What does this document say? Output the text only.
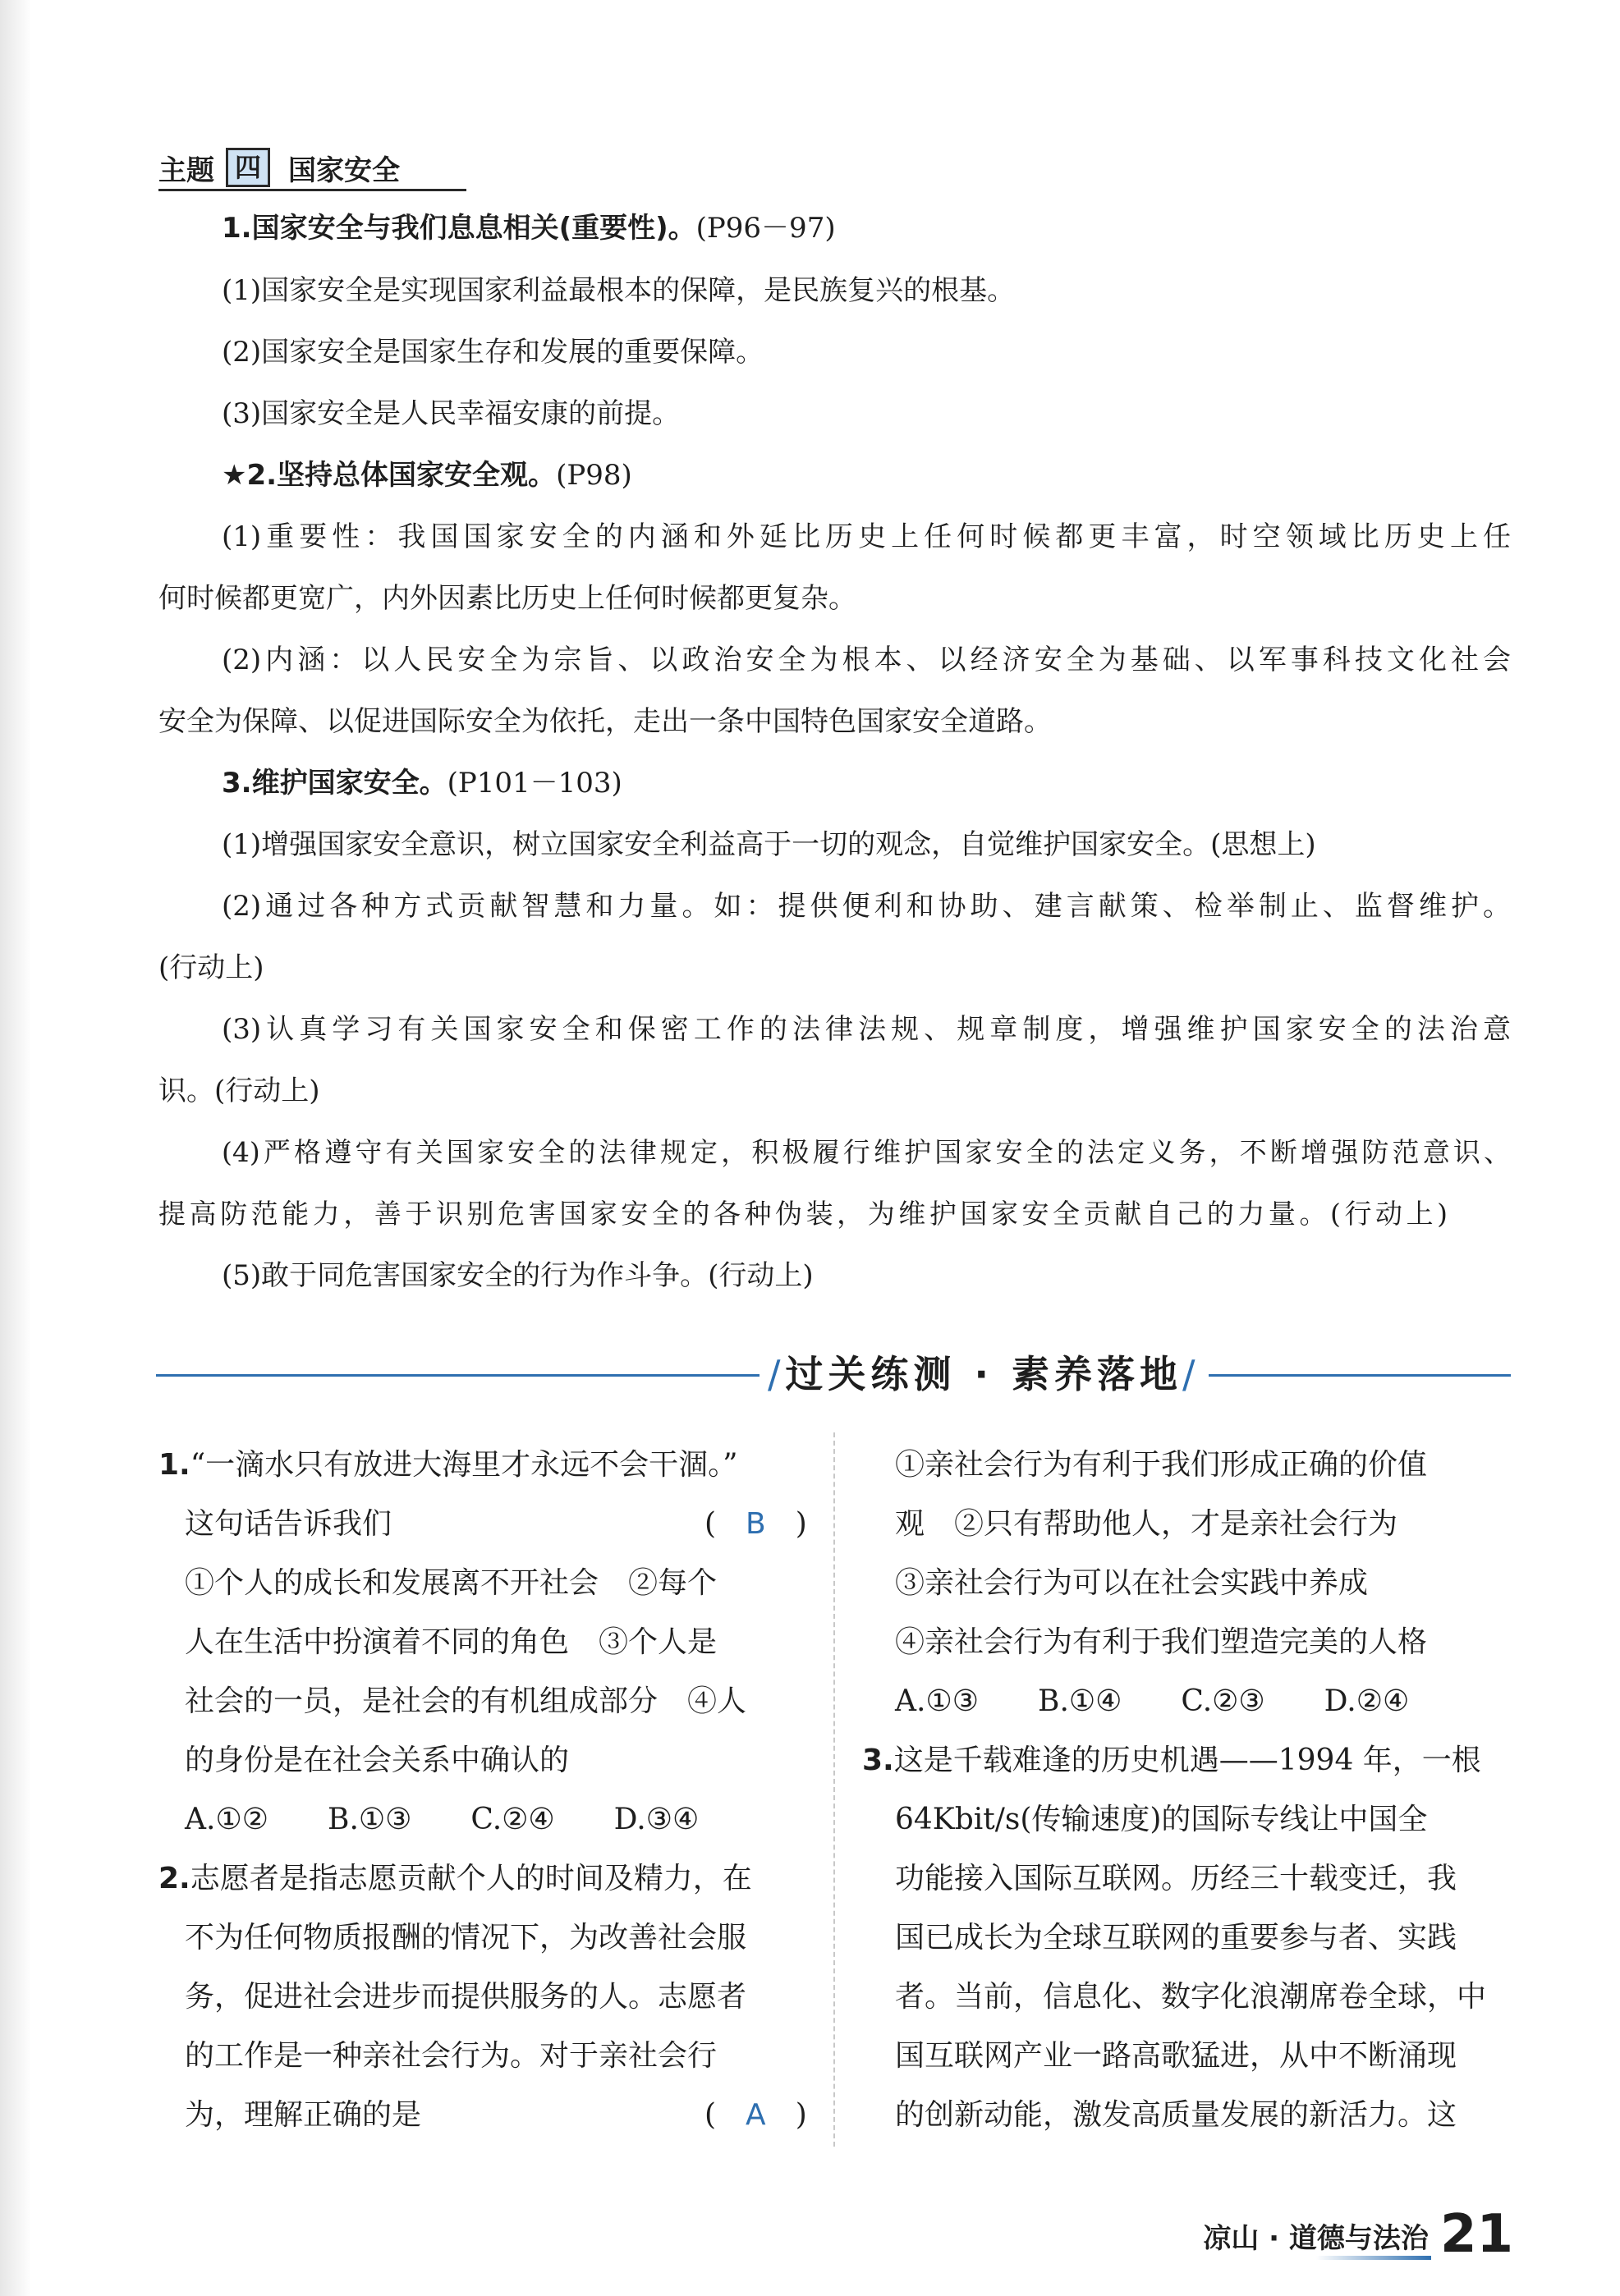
主题 四 国家安全
1.国家安全与我们息息相关(重要性)。(P96－97)
(1)国家安全是实现国家利益最根本的保障，是民族复兴的根基。
(2)国家安全是国家生存和发展的重要保障。
(3)国家安全是人民幸福安康的前提。
★2.坚持总体国家安全观。(P98)
(1)重要性：我国国家安全的内涵和外延比历史上任何时候都更丰富，时空领域比历史上任
何时候都更宽广，内外因素比历史上任何时候都更复杂。
(2)内涵：以人民安全为宗旨、以政治安全为根本、以经济安全为基础、以军事科技文化社会
安全为保障、以促进国际安全为依托，走出一条中国特色国家安全道路。
3.维护国家安全。(P101－103)
(1)增强国家安全意识，树立国家安全利益高于一切的观念，自觉维护国家安全。(思想上)
(2)通过各种方式贡献智慧和力量。如：提供便利和协助、建言献策、检举制止、监督维护。
(行动上)
(3)认真学习有关国家安全和保密工作的法律法规、规章制度，增强维护国家安全的法治意
识。(行动上)
(4)严格遵守有关国家安全的法律规定，积极履行维护国家安全的法定义务，不断增强防范意识、
提高防范能力，善于识别危害国家安全的各种伪装，为维护国家安全贡献自己的力量。(行动上)
(5)敢于同危害国家安全的行为作斗争。(行动上)
/过关练测 · 素养落地/
1.“一滴水只有放进大海里才永远不会干涸。”
这句话告诉我们	(　B　)
①个人的成长和发展离不开社会　②每个
人在生活中扮演着不同的角色　③个人是
社会的一员，是社会的有机组成部分　④人
的身份是在社会关系中确认的
A.①②　　B.①③　　C.②④　　D.③④
2.志愿者是指志愿贡献个人的时间及精力，在
不为任何物质报酬的情况下，为改善社会服
务，促进社会进步而提供服务的人。志愿者
的工作是一种亲社会行为。对于亲社会行
为，理解正确的是	(　A　)
①亲社会行为有利于我们形成正确的价值
观　②只有帮助他人，才是亲社会行为
③亲社会行为可以在社会实践中养成
④亲社会行为有利于我们塑造完美的人格
A.①③　　B.①④　　C.②③　　D.②④
3.这是千载难逢的历史机遇——1994 年，一根
64Kbit/s(传输速度)的国际专线让中国全
功能接入国际互联网。历经三十载变迁，我
国已成长为全球互联网的重要参与者、实践
者。当前，信息化、数字化浪潮席卷全球，中
国互联网产业一路高歌猛进，从中不断涌现
的创新动能，激发高质量发展的新活力。这
凉山 · 道德与法治 21
